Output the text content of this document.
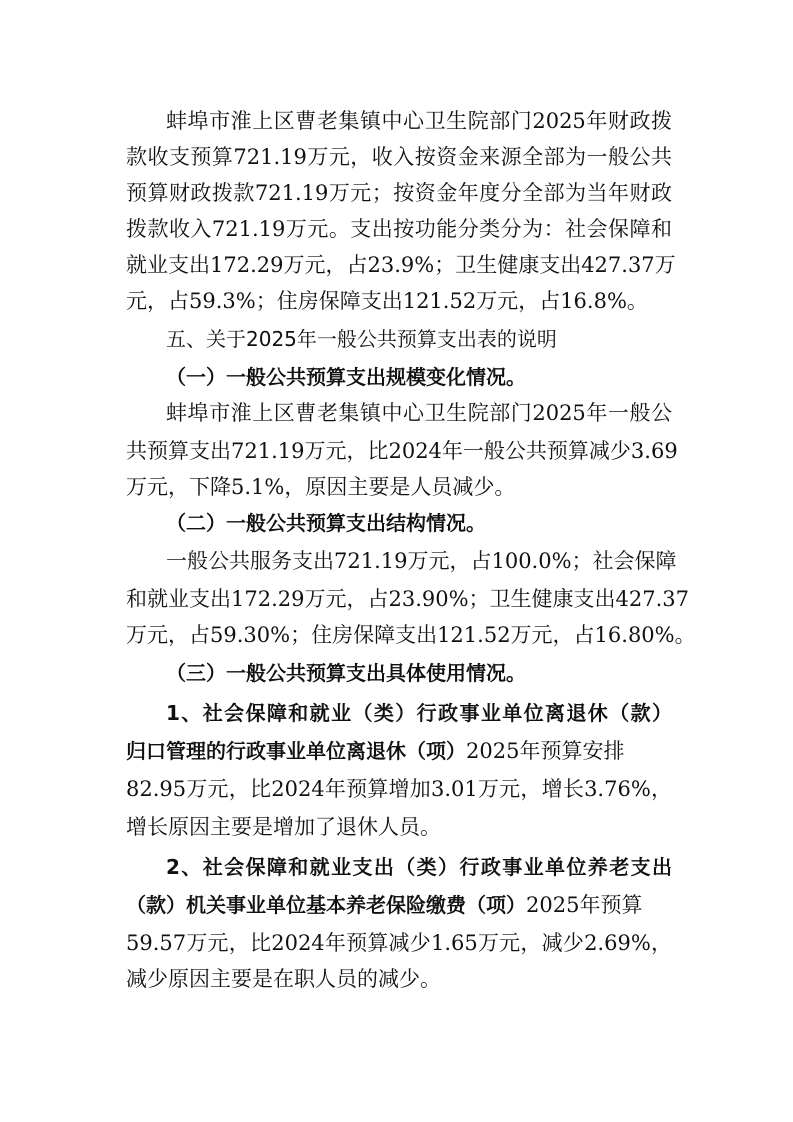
蚌埠市淮上区曹老集镇中心卫生院部门2025年财政拨
款收支预算721.19万元，收入按资金来源全部为一般公共
预算财政拨款721.19万元；按资金年度分全部为当年财政
拨款收入721.19万元。支出按功能分类分为：社会保障和
就业支出172.29万元，占23.9%；卫生健康支出427.37万
元，占59.3%；住房保障支出121.52万元，占16.8%。
五、关于2025年一般公共预算支出表的说明
（一）一般公共预算支出规模变化情况。
蚌埠市淮上区曹老集镇中心卫生院部门2025年一般公
共预算支出721.19万元，比2024年一般公共预算减少3.69
万元，下降5.1%，原因主要是人员减少。
（二）一般公共预算支出结构情况。
一般公共服务支出721.19万元，占100.0%；社会保障
和就业支出172.29万元，占23.90%；卫生健康支出427.37
万元，占59.30%；住房保障支出121.52万元，占16.80%。
（三）一般公共预算支出具体使用情况。
1、社会保障和就业（类）行政事业单位离退休（款）
归口管理的行政事业单位离退休（项）2025年预算安排
82.95万元，比2024年预算增加3.01万元，增长3.76%，
增长原因主要是增加了退休人员。
2、社会保障和就业支出（类）行政事业单位养老支出
（款）机关事业单位基本养老保险缴费（项）2025年预算
59.57万元，比2024年预算减少1.65万元，减少2.69%，
减少原因主要是在职人员的减少。
